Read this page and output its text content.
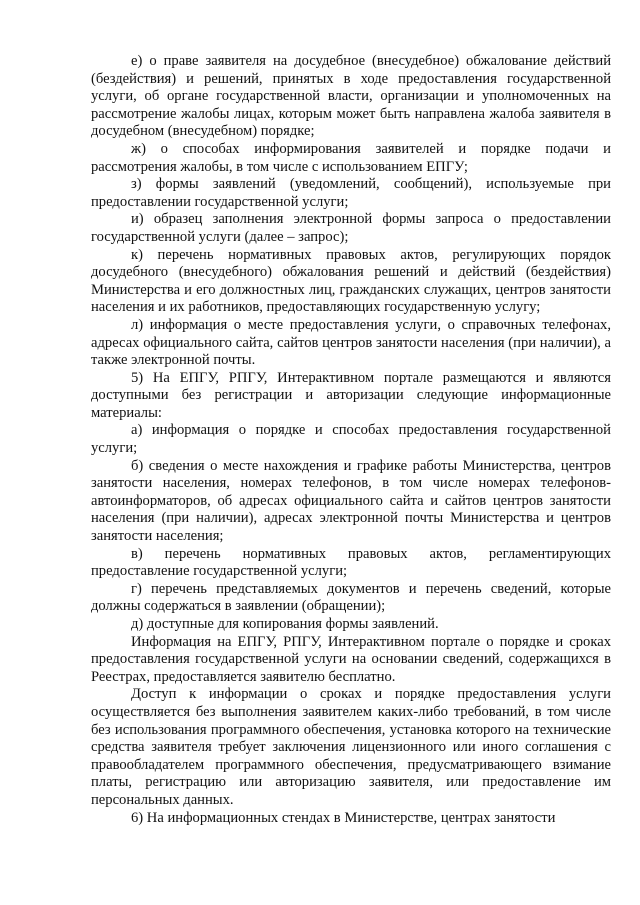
е) о праве заявителя на досудебное (внесудебное) обжалование действий (бездействия) и решений, принятых в ходе предоставления государственной услуги, об органе государственной власти, организации и уполномоченных на рассмотрение жалобы лицах, которым может быть направлена жалоба заявителя в досудебном (внесудебном) порядке;

ж) о способах информирования заявителей и порядке подачи и рассмотрения жалобы, в том числе с использованием ЕПГУ;

з) формы заявлений (уведомлений, сообщений), используемые при предоставлении государственной услуги;

и) образец заполнения электронной формы запроса о предоставлении государственной услуги (далее – запрос);

к) перечень нормативных правовых актов, регулирующих порядок досудебного (внесудебного) обжалования решений и действий (бездействия) Министерства и его должностных лиц, гражданских служащих, центров занятости населения и их работников, предоставляющих государственную услугу;

л) информация о месте предоставления услуги, о справочных телефонах, адресах официального сайта, сайтов центров занятости населения (при наличии), а также электронной почты.

5) На ЕПГУ, РПГУ, Интерактивном портале размещаются и являются доступными без регистрации и авторизации следующие информационные материалы:

а) информация о порядке и способах предоставления государственной услуги;

б) сведения о месте нахождения и графике работы Министерства, центров занятости населения, номерах телефонов, в том числе номерах телефонов-автоинформаторов, об адресах официального сайта и сайтов центров занятости населения (при наличии), адресах электронной почты Министерства и центров занятости населения;

в) перечень нормативных правовых актов, регламентирующих предоставление государственной услуги;

г) перечень представляемых документов и перечень сведений, которые должны содержаться в заявлении (обращении);

д) доступные для копирования формы заявлений.

Информация на ЕПГУ, РПГУ, Интерактивном портале о порядке и сроках предоставления государственной услуги на основании сведений, содержащихся в Реестрах, предоставляется заявителю бесплатно.

Доступ к информации о сроках и порядке предоставления услуги осуществляется без выполнения заявителем каких-либо требований, в том числе без использования программного обеспечения, установка которого на технические средства заявителя требует заключения лицензионного или иного соглашения с правообладателем программного обеспечения, предусматривающего взимание платы, регистрацию или авторизацию заявителя, или предоставление им персональных данных.

6) На информационных стендах в Министерстве, центрах занятости
